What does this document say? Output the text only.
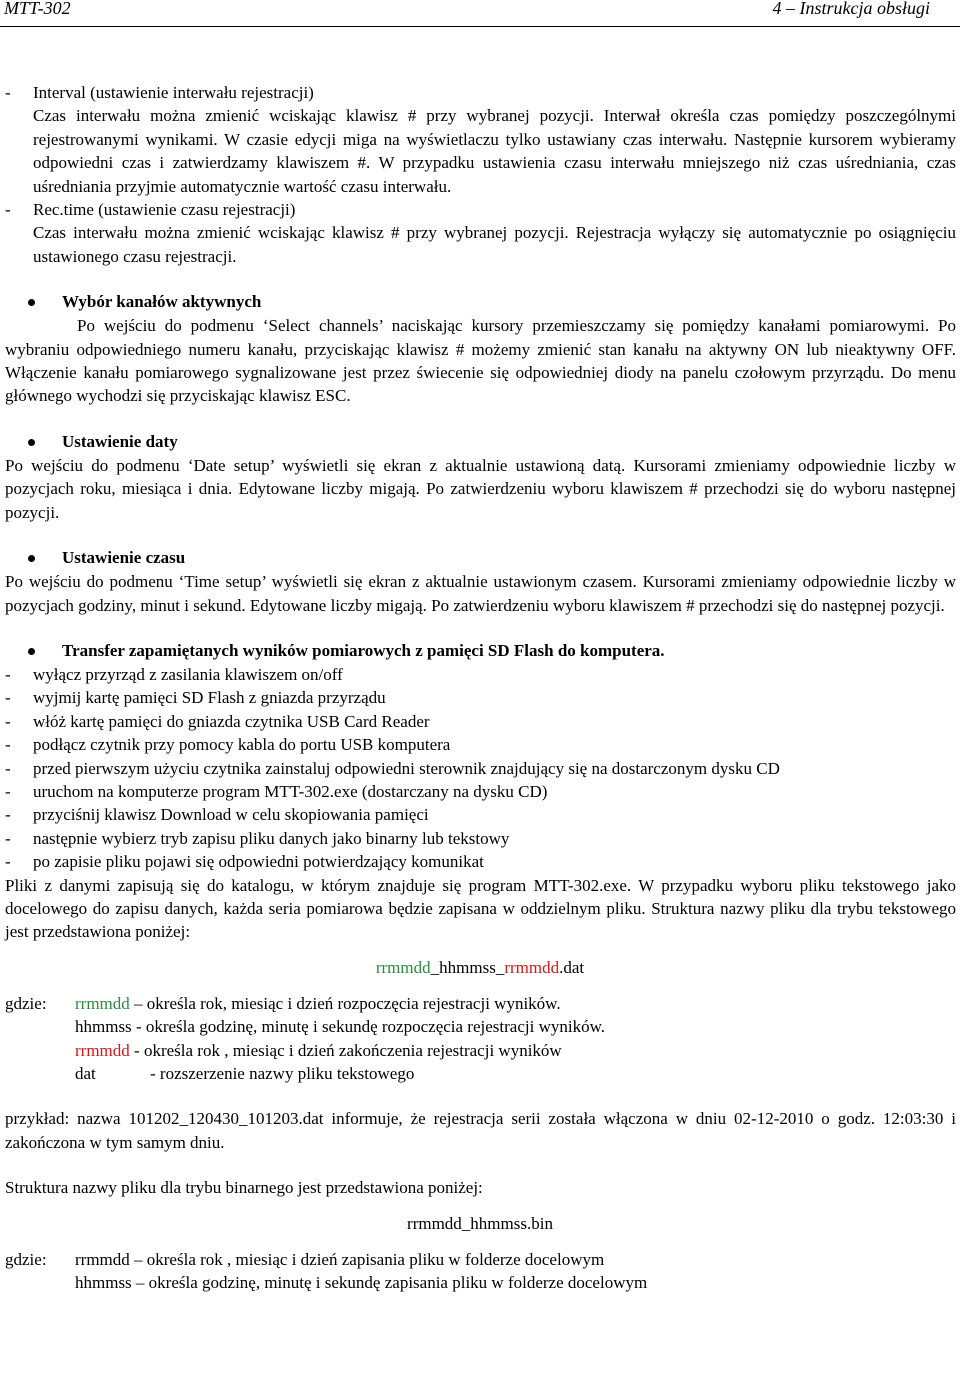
MTT-302	4 – Instrukcja obsługi
-	Interval (ustawienie interwału rejestracji)
Czas interwału można zmienić wciskając klawisz # przy wybranej pozycji. Interwał określa czas pomiędzy poszczególnymi rejestrowanymi wynikami. W czasie edycji miga na wyświetlaczu tylko ustawiany czas interwału. Następnie kursorem wybieramy odpowiedni czas i zatwierdzamy klawiszem #. W przypadku ustawienia czasu interwału mniejszego niż czas uśredniania, czas uśredniania przyjmie automatycznie wartość czasu interwału.
-	Rec.time (ustawienie czasu rejestracji)
Czas interwału można zmienić wciskając klawisz # przy wybranej pozycji. Rejestracja wyłączy się automatycznie po osiągnięciu ustawionego czasu rejestracji.
Wybór kanałów aktywnych

Po wejściu do podmenu ‘Select channels’ naciskając kursory przemieszczamy się pomiędzy kanałami pomiarowymi. Po wybraniu odpowiedniego numeru kanału, przyciskając klawisz # możemy zmienić stan kanału na aktywny ON lub nieaktywny OFF. Włączenie kanału pomiarowego sygnalizowane jest przez świecenie się odpowiedniej diody na panelu czołowym przyrządu. Do menu głównego wychodzi się przyciskając klawisz ESC.

Ustawienie daty

Po wejściu do podmenu ‘Date setup’ wyświetli się ekran z aktualnie ustawioną datą. Kursorami zmieniamy odpowiednie liczby w pozycjach roku, miesiąca i dnia. Edytowane liczby migają. Po zatwierdzeniu wyboru klawiszem # przechodzi się do wyboru następnej pozycji.

Ustawienie czasu

Po wejściu do podmenu ‘Time setup’ wyświetli się ekran z aktualnie ustawionym czasem. Kursorami zmieniamy odpowiednie liczby w pozycjach godziny, minut i sekund. Edytowane liczby migają. Po zatwierdzeniu wyboru klawiszem # przechodzi się do następnej pozycji.

Transfer zapamiętanych wyników pomiarowych z pamięci SD Flash do komputera.
-	wyłącz przyrząd z zasilania klawiszem on/off
-	wyjmij kartę pamięci SD Flash z gniazda przyrządu
-	włóż kartę pamięci do gniazda czytnika USB Card Reader
-	podłącz czytnik przy pomocy kabla do portu USB komputera
-	przed pierwszym użyciu czytnika zainstaluj odpowiedni sterownik znajdujący się na dostarczonym dysku CD
-	uruchom na komputerze program MTT-302.exe (dostarczany na dysku CD)
-	przyciśnij klawisz Download w celu skopiowania pamięci
-	następnie wybierz tryb zapisu pliku danych jako binarny lub tekstowy
-	po zapisie pliku pojawi się odpowiedni potwierdzający komunikat

Pliki z danymi zapisują się do katalogu, w którym znajduje się program MTT-302.exe. W przypadku wyboru pliku tekstowego jako docelowego do zapisu danych, każda seria pomiarowa będzie zapisana w oddzielnym pliku. Struktura nazwy pliku dla trybu tekstowego jest przedstawiona poniżej:

rrmmdd_hhmmss_rrmmdd.dat
gdzie:	rrmmdd – określa rok, miesiąc i dzień rozpoczęcia rejestracji wyników.
hhmmss - określa godzinę, minutę i sekundę rozpoczęcia rejestracji wyników.
rrmmdd - określa rok , miesiąc i dzień zakończenia rejestracji wyników
dat	- rozszerzenie nazwy pliku tekstowego

przykład: nazwa 101202_120430_101203.dat informuje, że rejestracja serii została włączona w dniu 02-12-2010 o godz. 12:03:30 i zakończona w tym samym dniu.

Struktura nazwy pliku dla trybu binarnego jest przedstawiona poniżej:

rrmmdd_hhmmss.bin
gdzie:	rrmmdd – określa rok , miesiąc i dzień zapisania pliku w folderze docelowym
hhmmss – określa godzinę, minutę i sekundę zapisania pliku w folderze docelowym
